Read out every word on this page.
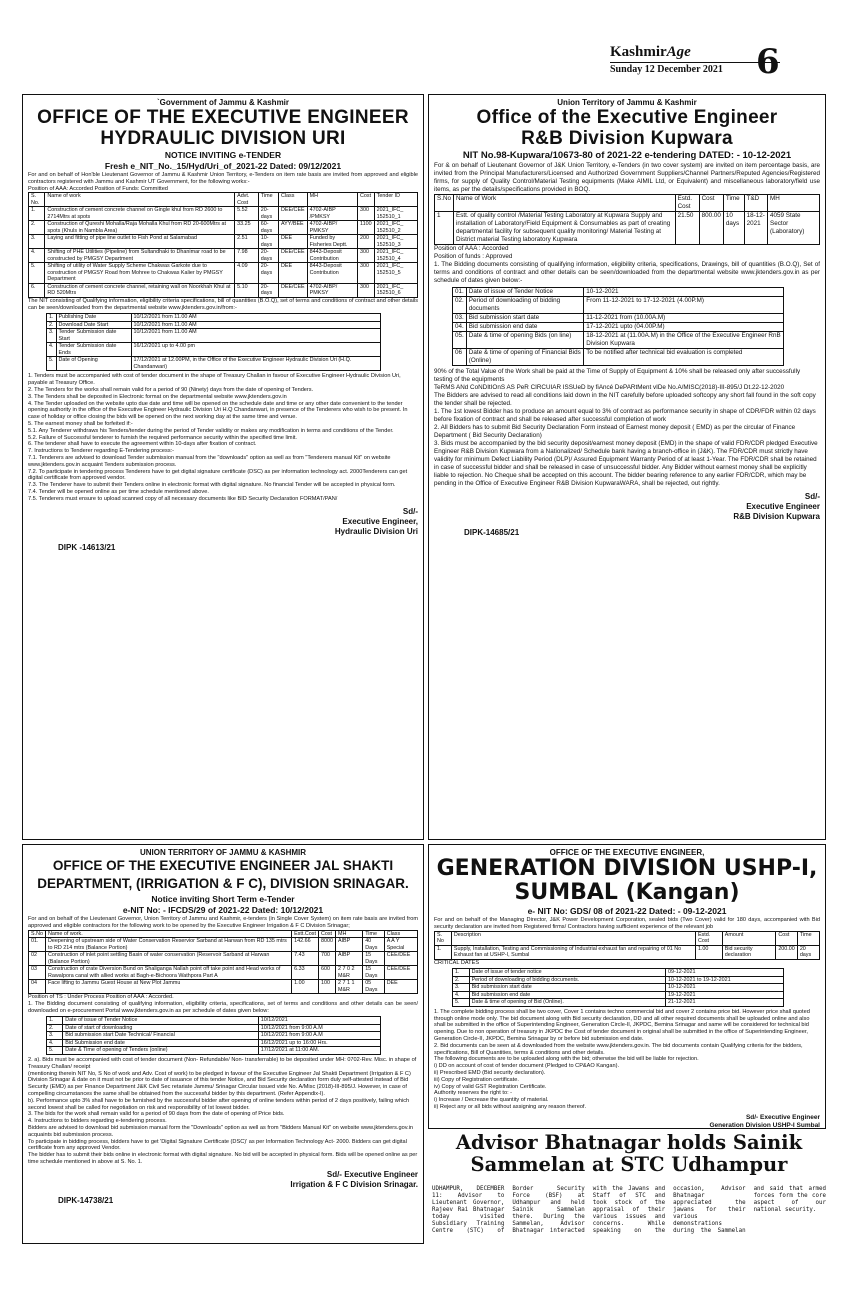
KashmirAge
Sunday 12 December 2021 6
`Government of Jammu & Kashmir
OFFICE OF THE EXECUTIVE ENGINEER HYDRAULIC DIVISION URI
NOTICE INVITING e-TENDER
Fresh e_NIT_No._15/Hyd/Uri_of_2021-22 Dated: 09/12/2021
For and on behalf of Hon'ble Lieutenant Governor of Jammu & Kashmir Union Territory, e-Tenders on item rate basis are invited from approved and eligible contractors registered with Jammu and Kashmir UT Government, for the following works:-
Position of AAA: Accorded Position of Funds: Committed
S. No.	Name of work	Advt. Cost	Time	Class	MH	Cost	Tender ID
1.	Construction of cement concrete channel on Gingle khul from RD 2600 to 2714Mtrs at spots	5.52	20-days	DEE/CEE	4702-AIBP /PMKSY	300	2021_IFC_ 152510_1
2.	Construction of Qureshi Mohalla/Raja Mohalla Khul from RD 20-600Mtrs at spots (Khuls in Nambla Area)	33.25	60-days	AYY/BEE	4702-AIBP/ PMKSY	1100	2021_IFC_ 152510_2
3.	Laying and fitting of pipe line outlet to Fish Pond at Salamabad	2.51	10-days	DEE	Funded by Fisheries Deptt.	200	2021_IFC_ 152510_3
4.	Shifting of PHE Utilities (Pipeline) from Sultandhaki to Dhanimar road to be constructed by PMGSY Department	7.98	20-days	DEE/CEE	8443-Deposit Contribution	300	2021_IFC_ 152510_4
5.	Shifting of utility of Water Supply Scheme Chakwas Garkote due to construction of PMGSY Road from Mohree to Chakwas Kalier by PMGSY Department	4.09	20-days	DEE	8443-Deposit Contribution	300	2021_IFC_ 152510_5
6.	Construction of cement concrete channel, retaining wall on Noorkhah Khul at RD 520Mtrs	5.10	20-days	DEE/CEE	4702-AIBP/ PMKSY	300	2021_IFC_ 152510_6
The NIT consisting of Qualifying information, eligibility criteria specifications, bill of quantities (B.O.Q), set of terms and conditions of contract and other details can be seen/downloaded from the departmental website www.jktenders.gov.in/from:-
1.	Publishing Date	10/12/2021 from 11.00 AM
2.	Download Date Start	10/12/2021 from 11.00 AM
3.	Tender Submission date Start	10/12/2021 from 11.00 AM
4.	Tender Submission date Ends	16/12/2021 up to 4.00 pm
5.	Date of Opening	17/12/2021 at 12.00PM, in the Office of the Executive Engineer Hydraulic Division Uri (H.Q. Chandanwari)

1. Tenders must be accompanied with cost of tender document in the shape of Treasury Challan in favour of Executive Engineer Hydraulic Division Uri, payable at Treasury Office.

2. The Tenders for the works shall remain valid for a period of 90 (Ninety) days from the date of opening of Tenders.

3. The Tenders shall be deposited in Electronic format on the departmental website www.jktenders.gov.in

4. The Tender uploaded on the website upto due date and time will be opened on the schedule date and time or any other date convenient to the tender opening authority in the office of the Executive Engineer Hydraulic Division Uri H.Q Chandanwari, in presence of the Tenderers who wish to be present. In case of holiday or office closing the bids will be opened on the next working day at the same time and venue.

5. The earnest money shall be forfeited if:-

5.1. Any Tenderer withdraws his Tenders/tender during the period of Tender validity or makes any modification in terms and conditions of the Tender.

5.2. Failure of Successful tenderer to furnish the required performance security within the specified time limit.

6. The tenderer shall have to execute the agreement within 10-days after fixation of contract.

7. Instructions to Tenderer regarding E-Tendering process:-

7.1. Tenderers are advised to download Tender submission manual from the "downloads" option as well as from "Tenderers manual Kit" on website www.jktenders.gov.in acquaint Tenders submission process.

7.2. To participate in tendering process Tenderers have to get digital signature certificate (DSC) as per information technology act. 2000Tenderers can get digital certificate from approved vendor.

7.3. The Tenderer have to submit their Tenders online in electronic format with digital signature. No financial Tender will be accepted in physical form.

7.4. Tender will be opened online as per time schedule mentioned above.

7.5. Tenderers must ensure to upload scanned copy of all necessary documents like BID Security Declaration FORMAT/PAN/

Sd/-
Executive Engineer,
Hydraulic Division Uri
DIPK -14613/21
Union Territory of Jammu & Kashmir
Office of the Executive Engineer
R&B Division Kupwara
NIT No.98-Kupwara/10673-80 of 2021-22 e-tendering DATED: - 10-12-2021
For & on behalf of Lieutenant Governor of J&K Union Territory, e-Tenders (in two cover system) are invited on item percentage basis, are invited from the Principal Manufacturers/Licensed and Authorized Government Suppliers/Channel Partners/Reputed Agencies/Registered firms, for supply of Quality Control/Material Testing equipments (Make AIMIL Ltd, or Equivalent) and miscellaneous laboratory/field use items, as per the details/specifications provided in BOQ.
S.No	Name of Work	Estd. Cost	Cost	Time	T&D	MH
1	Estt. of quality control /Material Testing Laboratory at Kupwara Supply and installation of Laboratory/Field Equipment & Consumables as part of creating departmental facility for subsequent quality monitoring/ Material Testing at District material Testing laboratory Kupwara	21.50	800.00	10 days	18-12-2021	4059 State Sector (Laboratory)
Position of AAA : Accorded
Position of funds : Approved
1. The Bidding documents consisting of qualifying information, eligibility criteria, specifications, Drawings, bill of quantities (B.O.Q), Set of terms and conditions of contract and other details can be seen/downloaded from the departmental website www.jktenders.gov.in as per schedule of dates given below:-
01.	Date of issue of Tender Notice	10-12-2021
02.	Period of downloading of bidding documents	From 11-12-2021 to 17-12-2021 (4.00P.M)
03.	Bid submission start date	11-12-2021 from (10.00A.M)
04.	Bid submission end date	17-12-2021 upto (04.00P.M)
05.	Date & time of opening Bids (on line)	18-12-2021 at (11.00A.M) in the Office of the Executive Engineer RnB Division Kupwara
06	Date & time of opening of Financial Bids (Online)	To be notified after technical bid evaluation is completed

90% of the Total Value of the Work shall be paid at the Time of Supply of Equipment & 10% shall be released only after successfully testing of the equipments

TeRMS ANd CoNDItIOnS AS PeR CIRCUIAR ISSUeD by fiAncé DePARtMent vIDe No.A/MISC(2018)-III-895/J Dt.22-12-2020

The Bidders are advised to read all conditions laid down in the NIT carefully before uploaded softcopy any short fall found in the soft copy the tender shall be rejected.

1. The 1st lowest Bidder has to produce an amount equal to 3% of contract as performance security in shape of CDR/FDR within 02 days before fixation of contract and shall be released after successful completion of work

2. All Bidders has to submit Bid Security Declaration Form instead of Earnest money deposit ( EMD) as per the circular of Finance Department ( Bid Security Declaration)

3. Bids must be accompanied by the bid security deposit/earnest money deposit (EMD) in the shape of valid FDR/CDR pledged Executive Engineer R&B Division Kupwara from a Nationalized/ Schedule bank having a branch-office in (J&K). The FDR/CDR must strictly have validity for minimum Defect Liability Period (DLP)/ Assured Equipment Warranty Period of at least 1-Year. The FDR/CDR shall be retained in case of successful bidder and shall be released in case of unsuccessful bidder. Any Bidder without earnest money shall be explicitly liable to rejection. No Cheque shall be accepted on this account. The bidder bearing reference to any earlier FDR/CDR, which may be pending in the Office of Executive Engineer R&B Division KupwaraWARA, shall be rejected, out rightly.

Sd/-
Executive Engineer
R&B Division Kupwara
DIPK-14685/21
UNION TERRITORY OF JAMMU & KASHMIR
OFFICE OF THE EXECUTIVE ENGINEER JAL SHAKTI
DEPARTMENT, (IRRIGATION & F C), DIVISION SRINAGAR.
Notice inviting Short Term e-Tender
e-NIT No: - IFCDS/29 of 2021-22 Dated: 10/12/2021
For and on behalf of the Lieutenant Governor, Union Territory of Jammu and Kashmir, e-tenders (in Single Cover System) on item rate basis are invited from approved and eligible contractors for the following work to be opened by the Executive Engineer Irrigation & F C Division Srinagar;
S.No	Name of work.	Estt.Cost	Cost	MH	Time	Class
01.	Deepening of upstream side of Water Conservation Reservior Sarband at Harwan from RD 135 mtrs to RD 214 mtrs (Balance Portion)	142.66	8000	AIBP	40 Days	A A Y Special
02	Construction of inlet point settling Basin of water conservation (Reservoir Sarband at Harwan (Balance Portion)	7.43	700	AIBP	15 Days	CEE/DEE
03	Construction of crate Diversion Bund on Shaliganga Nallah point off take point and Head works of Rawalpora canal with allied works at Bagh-e-Bichoora Wathpora Part A	6.33	600	2 7 0 2 M&R	15 Days	CEE/DEE
04	Face lifting to Jammu Guest House at New Plot Jammu	1.00	100	2 7 1 1 M&R	05 Days	DEE
Position of TS : Under Process Position of AAA : Accorded.
1. The Bidding document consisting of qualifying information, eligibility criteria, specifications, set of terms and conditions and other details can be seen/ downloaded on e-procurement Portal www.jktenders.gov.in as per schedule of dates given below:
1.	Date of issue of Tender Notice	10/12/2021
2.	Date of start of downloading	10/12/2021 from 9:00 A.M
3.	Bid submission start Date Technical/ Financial	10/12/2021 from 9:00 A.M
4.	Bid Submission end date	16/12/2021 up to 16:00 Hrs.
5.	Date & Time of opening of Tenders (online)	17/12/2021 at 11:00 AM.

2. a). Bids must be accompanied with cost of tender document (Non- Refundable/ Non- transferrable) to be deposited under MH: 0702-Rev. Misc. in shape of Treasury Challan/ receipt

(mentioning therein NIT No, S No of work and Adv. Cost of work) to be pledged in favour of the Executive Engineer Jal Shakti Department (Irrigation & F C) Division Srinagar & date on it must not be prior to date of issuance of this tender Notice, and Bid Security declaration form duly self-attested instead of Bid Security (EMD) as per Finance Department J&K Civil Sec retariate Jammu/ Srinagar Circular issued vide No. A/Misc (2018)-III-895/J. However, in case of compelling circumstances the same shall be obtained from the successful bidder by this department. (Refer Appendix-I).

b). Performance upto 3% shall have to be furnished by the successful bidder after opening of online tenders within period of 2 days positively, failing which second lowest shall be called for negotiation on risk and responsibility of Ist lowest bidder.

3. The bids for the work shall remain valid for a period of 90 days from the date of opening of Price bids.

4. Instructions to bidders regarding e-tendering process.

Bidders are advised to download bid submission manual form the "Downloads" option as well as from "Bidders Manual Kit" on website www.jktenders.gov.in acquaints bid submission process.

To participate in bidding process, bidders have to get 'Digital Signature Certificate (DSC)' as per Information Technology Act- 2000. Bidders can get digital certificate from any approved Vendor.

The bidder has to submit their bids online in electronic format with digital signature. No bid will be accepted in physical form. Bids will be opened online as per time schedule mentioned in above at S. No. 1.

Sd/- Executive Engineer
Irrigation & F C Division Srinagar.
DIPK-14738/21
OFFICE OF THE EXECUTIVE ENGINEER,
GENERATION DIVISION USHP-I,
SUMBAL (Kangan)
e- NIT No: GDS/ 08 of 2021-22 Dated: - 09-12-2021
For and on behalf of the Managing Director, J&K Power Development Corporation, sealed bids (Two Cover) valid for 180 days, accompanied with Bid security declaration are invited from Registered firms/ Contractors having sufficient experience of the relevant job
S. No	Description	Estd. Cost	Amount	Cost	Time
1.	Supply, Installation, Testing and Commissioning of Industrial exhaust fan and repairing of 01 No Exhaust fan at USHP-I, Sumbal	1.00	Bid security declaration	200.00	20 days
CRITICAL DATES
1.	Date of issue of tender notice	09-12-2021
2.	Period of downloading of bidding documents.	10-12-2021 to 19-12-2021
3.	Bid submission start date	10-12-2021
4.	Bid submission end date	19-12-2021
5.	Date & time of opening of Bid (Online).	21-12-2021

1. The complete bidding process shall be two cover, Cover 1 contains techno commercial bid and cover 2 contains price bid. However price shall quoted through online mode only. The bid document along with Bid security declaration, DD and all other required documents shall be uploaded online and also shall be submitted in the office of Superintending Engineer, Generation Circle-II, JKPDC, Bemina Srinagar and same will be considered for technical bid opening. Due to non operation of treasury in JKPDC the Cost of tender document in original shall be submitted in the office of Superintending Engineer, Generation Circle-II, JKPDC, Bemina Srinagar by or before bid submission end date.

2. Bid documents can be seen at & downloaded from the website www.jktenders.gov.in. The bid documents contain Qualifying criteria for the bidders, specifications, Bill of Quantities, terms & conditions and other details.

The following documents are to be uploaded along with the bid; otherwise the bid will be liable for rejection.

i) DD on account of cost of tender document (Pledged to CP&AO Kangan).

ii) Prescribed EMD (Bid security declaration).

iii) Copy of Registration certificate.

iv) Copy of valid GST Registration Certificate.

Authority reserves the right to: -

i) Increase / Decrease the quantity of material.

ii) Reject any or all bids without assigning any reason thereof.

Sd/- Executive Engineer
Generation Division USHP-I Sumbal
Advisor Bhatnagar holds Sainik Sammelan at STC Udhampur
UDHAMPUR, DECEMBER 11: Advisor to Lieutenant Governor, Rajeev Rai Bhatnagar today visited Subsidiary Training Centre (STC) of Border Security Force (BSF) at Udhampur and held Sainik Sammelan there. During the Sammelan, Advisor Bhatnagar interacted with the Jawans and Staff of STC and took stock of the appraisal of their various issues and concerns. While speaking on the occasion, Advisor Bhatnagar appreciated the jawans for their various demonstrations during the Sammelan and said that armed forces form the core aspect of our national security.
